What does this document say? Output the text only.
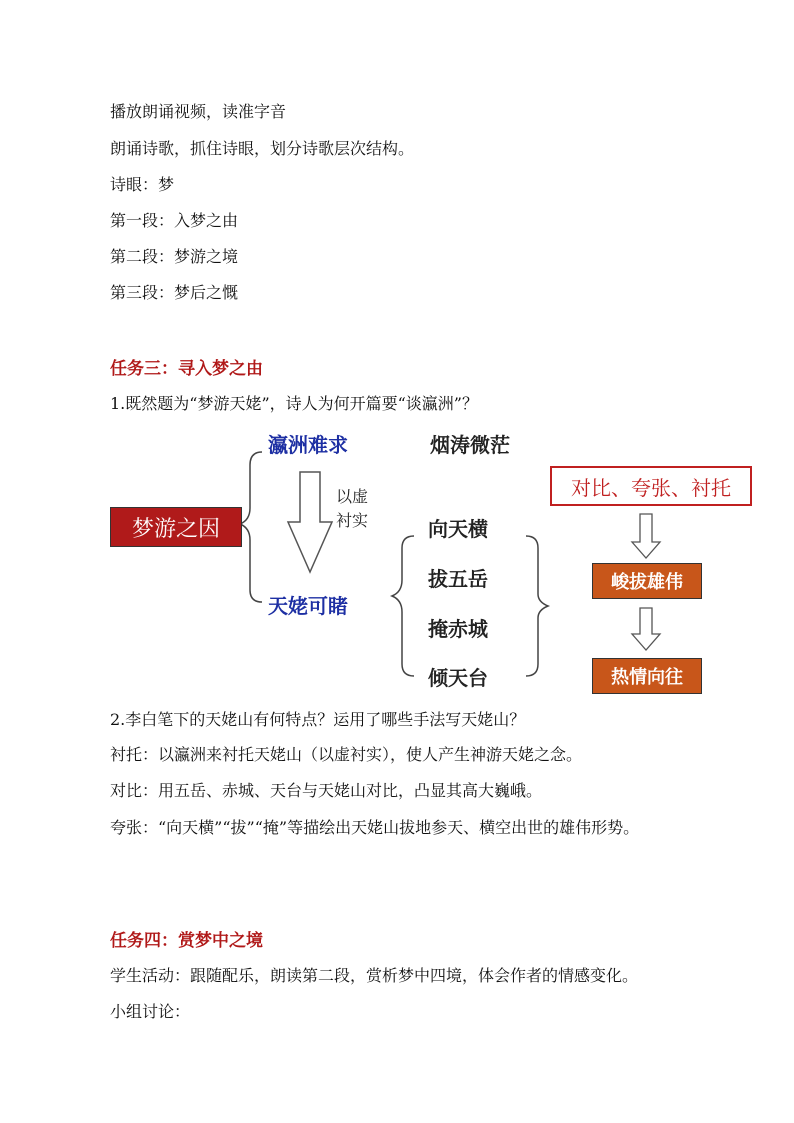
播放朗诵视频，读准字音
朗诵诗歌，抓住诗眼，划分诗歌层次结构。
诗眼：梦
第一段：入梦之由
第二段：梦游之境
第三段：梦后之慨
任务三：寻入梦之由
1.既然题为“梦游天姥”，诗人为何开篇要“谈瀛洲”？
梦游之因
瀛洲难求	烟涛微茫
以虚
衬实
天姥可睹
向天横
拔五岳
掩赤城
倾天台
对比、夸张、衬托
峻拔雄伟
热情向往
2.李白笔下的天姥山有何特点？运用了哪些手法写天姥山？
衬托：以瀛洲来衬托天姥山（以虚衬实），使人产生神游天姥之念。
对比：用五岳、赤城、天台与天姥山对比，凸显其高大巍峨。
夸张：“向天横”“拔”“掩”等描绘出天姥山拔地参天、横空出世的雄伟形势。
任务四：赏梦中之境
学生活动：跟随配乐，朗读第二段，赏析梦中四境，体会作者的情感变化。
小组讨论：
